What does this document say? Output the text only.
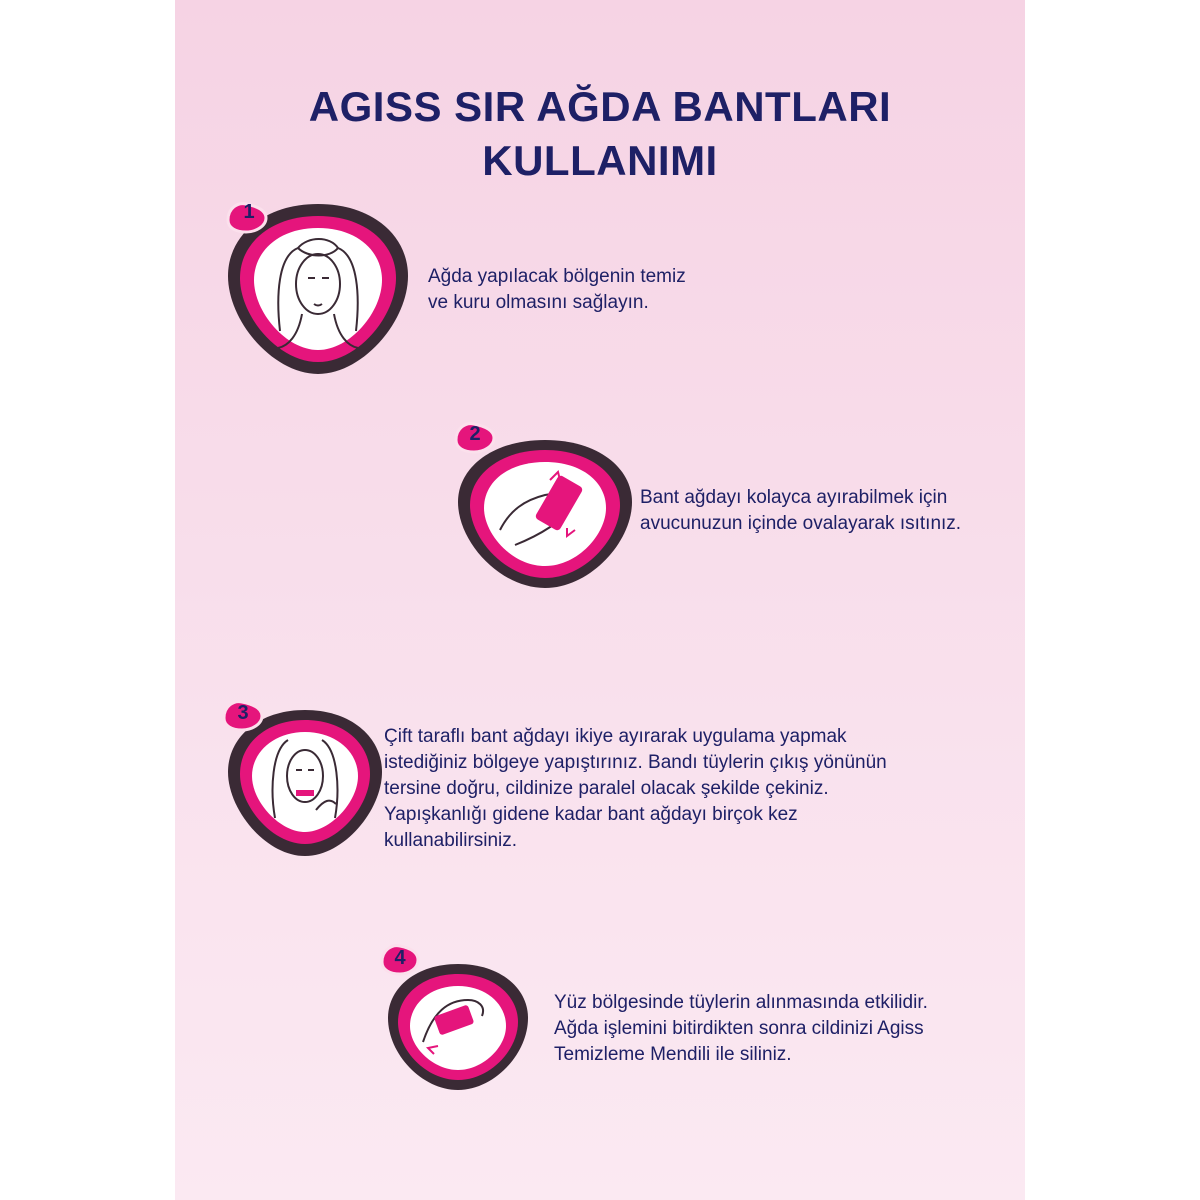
AGISS SIR AĞDA BANTLARI
KULLANIMI
1

Ağda yapılacak bölgenin temiz
ve kuru olmasını sağlayın.

2

Bant ağdayı kolayca ayırabilmek için
avucunuzun içinde ovalayarak ısıtınız.

3

Çift taraflı bant ağdayı ikiye ayırarak uygulama yapmak
istediğiniz bölgeye yapıştırınız. Bandı tüylerin çıkış yönünün
tersine doğru, cildinize paralel olacak şekilde çekiniz.
Yapışkanlığı gidene kadar bant ağdayı birçok kez
kullanabilirsiniz.

4

Yüz bölgesinde tüylerin alınmasında etkilidir.
Ağda işlemini bitirdikten sonra cildinizi Agiss
Temizleme Mendili ile siliniz.
